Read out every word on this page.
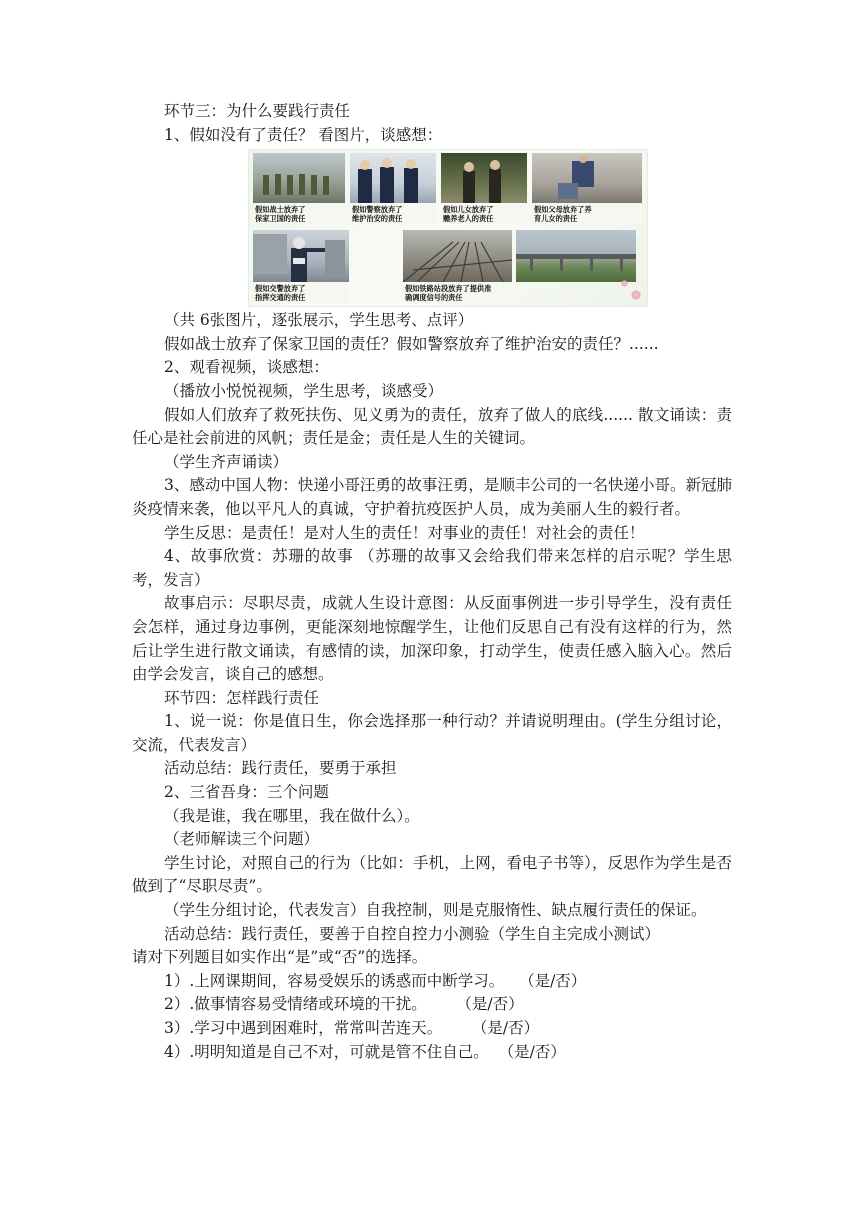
环节三：为什么要践行责任

1、假如没有了责任？ 看图片，谈感想：

假如战士放弃了
保家卫国的责任
假如警察放弃了
维护治安的责任
假如儿女放弃了
赡养老人的责任
假如父母放弃了养
育儿女的责任
假如交警放弃了
指挥交通的责任
假如铁路站段放弃了提供准
确调度信号的责任

（共 6张图片，逐张展示，学生思考、点评）

假如战士放弃了保家卫国的责任？假如警察放弃了维护治安的责任？......

2、观看视频，谈感想：

（播放小悦悦视频，学生思考，谈感受）

假如人们放弃了救死扶伤、见义勇为的责任，放弃了做人的底线...... 散文诵读：责任心是社会前进的风帆；责任是金；责任是人生的关键词。

（学生齐声诵读）

3、感动中国人物：快递小哥汪勇的故事汪勇，是顺丰公司的一名快递小哥。新冠肺炎疫情来袭，他以平凡人的真诚，守护着抗疫医护人员，成为美丽人生的毅行者。

学生反思：是责任！是对人生的责任！对事业的责任！对社会的责任！

4、故事欣赏：苏珊的故事 （苏珊的故事又会给我们带来怎样的启示呢？学生思考，发言）

故事启示：尽职尽责，成就人生设计意图：从反面事例进一步引导学生，没有责任会怎样，通过身边事例，更能深刻地惊醒学生，让他们反思自己有没有这样的行为，然后让学生进行散文诵读，有感情的读，加深印象，打动学生，使责任感入脑入心。然后由学会发言，谈自己的感想。

环节四：怎样践行责任

1、说一说：你是值日生，你会选择那一种行动？并请说明理由。(学生分组讨论，交流，代表发言）

活动总结：践行责任，要勇于承担

2、三省吾身：三个问题

（我是谁，我在哪里，我在做什么）。

（老师解读三个问题）

学生讨论，对照自己的行为（比如：手机，上网，看电子书等），反思作为学生是否做到了“尽职尽责”。

（学生分组讨论，代表发言）自我控制，则是克服惰性、缺点履行责任的保证。

活动总结：践行责任，要善于自控自控力小测验（学生自主完成小测试）

请对下列题目如实作出“是”或“否”的选择。

1）.上网课期间，容易受娱乐的诱惑而中断学习。   （是/否）

2）.做事情容易受情绪或环境的干扰。      （是/否）

3）.学习中遇到困难时，常常叫苦连天。      （是/否）

4）.明明知道是自己不对，可就是管不住自己。  （是/否）
